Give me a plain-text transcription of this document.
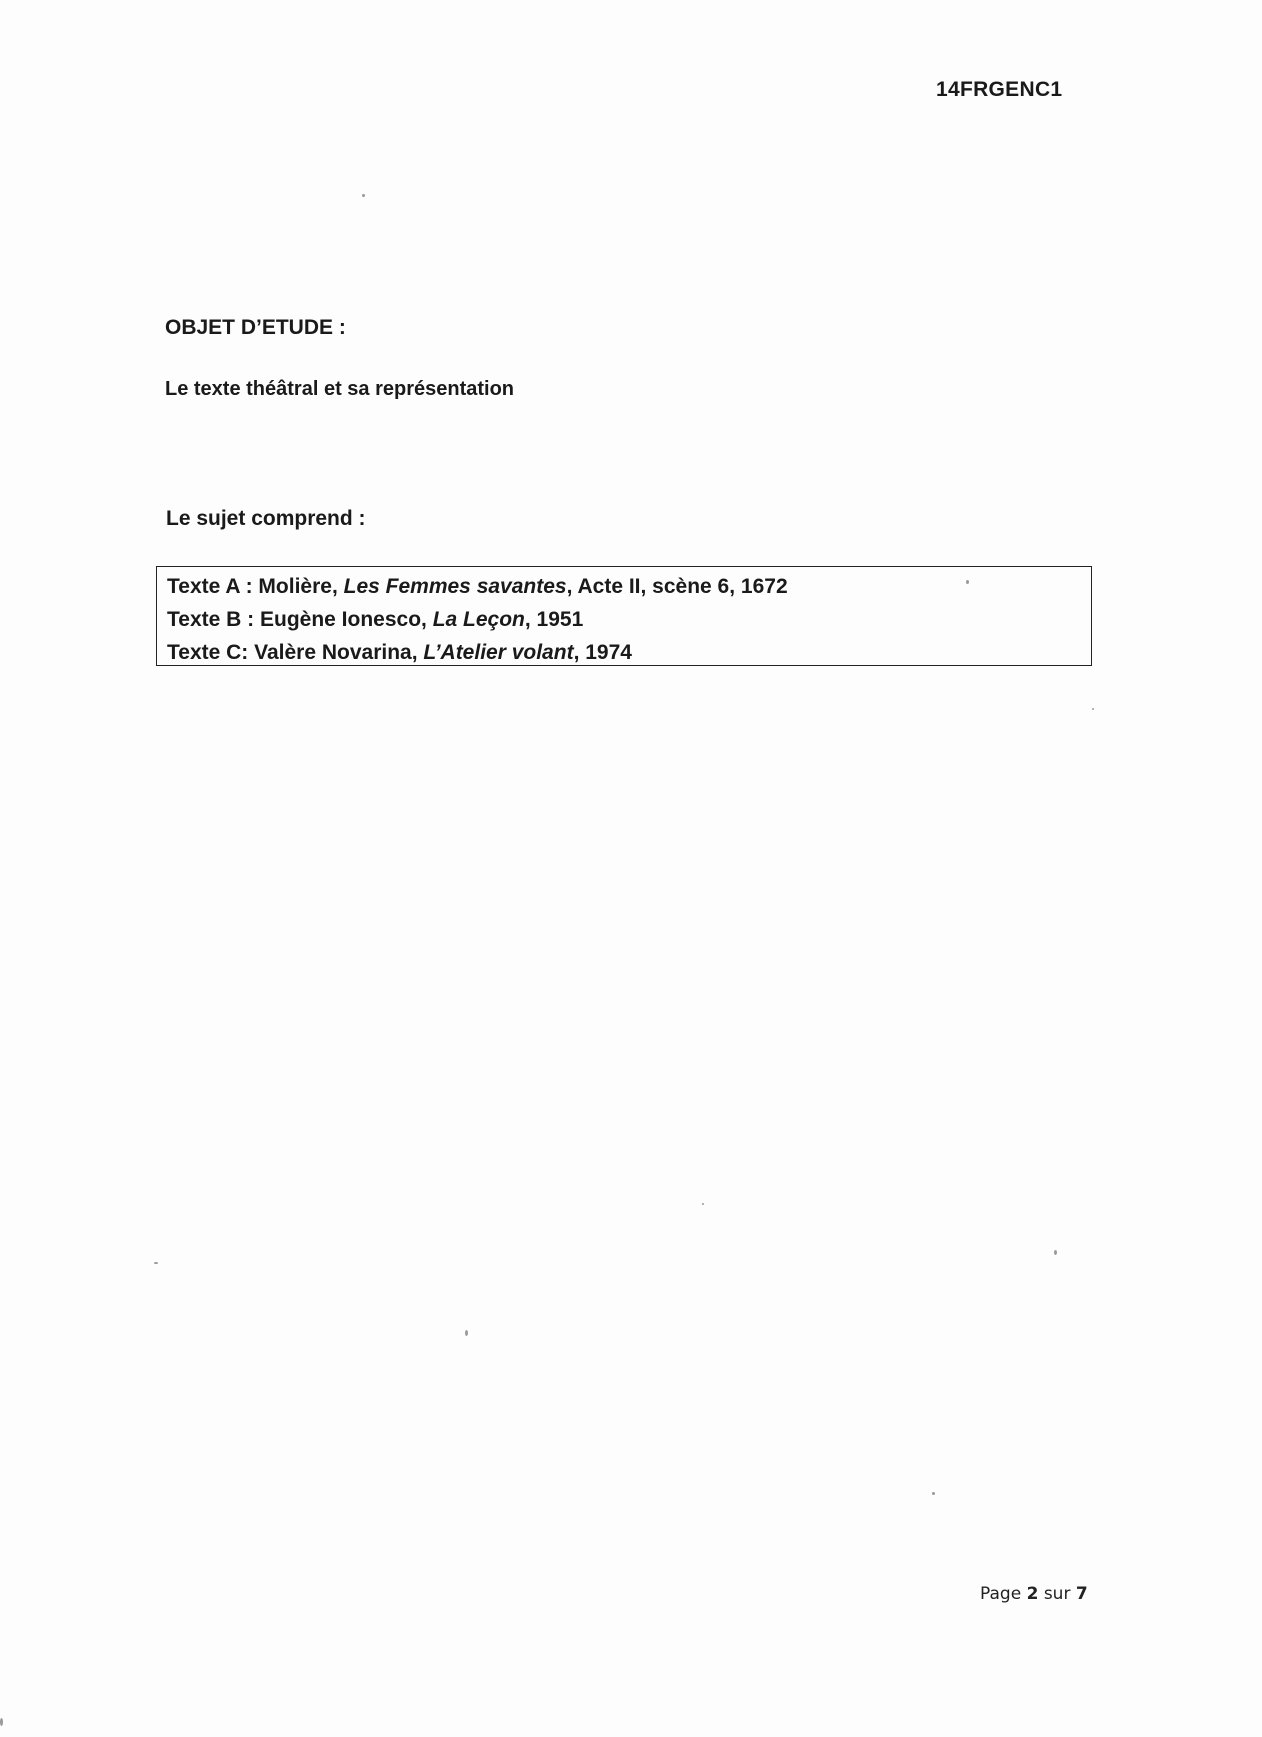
14FRGENC1
OBJET D’ETUDE :
Le texte théâtral et sa représentation
Le sujet comprend :
Texte A : Molière, Les Femmes savantes, Acte II, scène 6, 1672
Texte B : Eugène Ionesco, La Leçon, 1951
Texte C: Valère Novarina, L’Atelier volant, 1974
Page 2 sur 7
